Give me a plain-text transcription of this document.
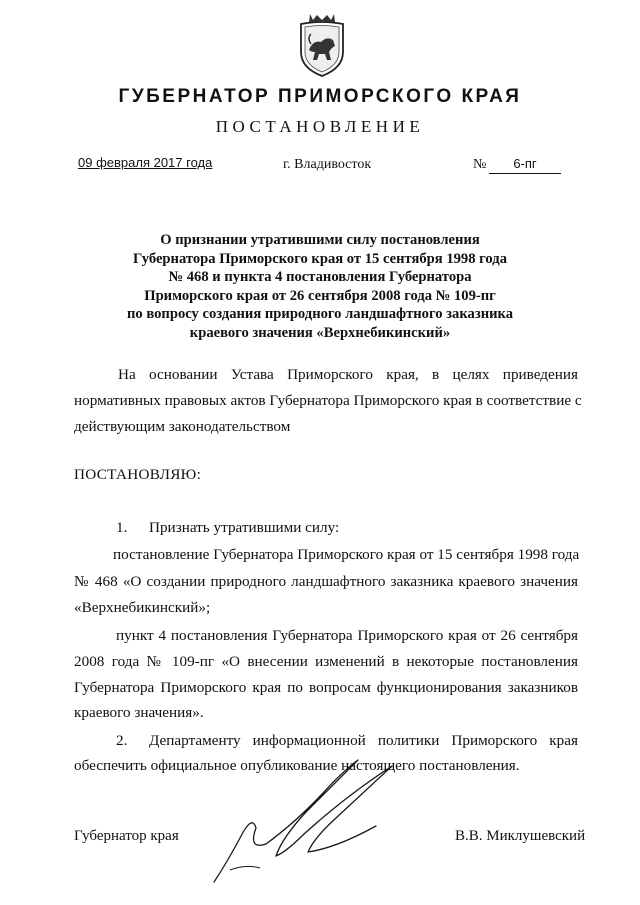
ГУБЕРНАТОР ПРИМОРСКОГО КРАЯ
ПОСТАНОВЛЕНИЕ
09 февраля 2017 года	г. Владивосток	№	6-пг
О признании утратившими силу постановления
Губернатора Приморского края от 15 сентября 1998 года
№ 468 и пункта 4 постановления Губернатора
Приморского края от 26 сентября 2008 года № 109-пг
по вопросу создания природного ландшафтного заказника
краевого значения «Верхнебикинский»
На основании Устава Приморского края, в целях приведения
нормативных правовых актов Губернатора Приморского края в соответствие с
действующим законодательством
ПОСТАНОВЛЯЮ:
1. Признать утратившими силу:
постановление Губернатора Приморского края от 15 сентября 1998 года
№ 468 «О создании природного ландшафтного заказника краевого значения
«Верхнебикинский»;
пункт 4 постановления Губернатора Приморского края от 26 сентября
2008 года № 109-пг «О внесении изменений в некоторые постановления
Губернатора Приморского края по вопросам функционирования заказников
краевого значения».
2. Департаменту информационной политики Приморского края
обеспечить официальное опубликование настоящего постановления.
Губернатор края	В.В. Миклушевский
